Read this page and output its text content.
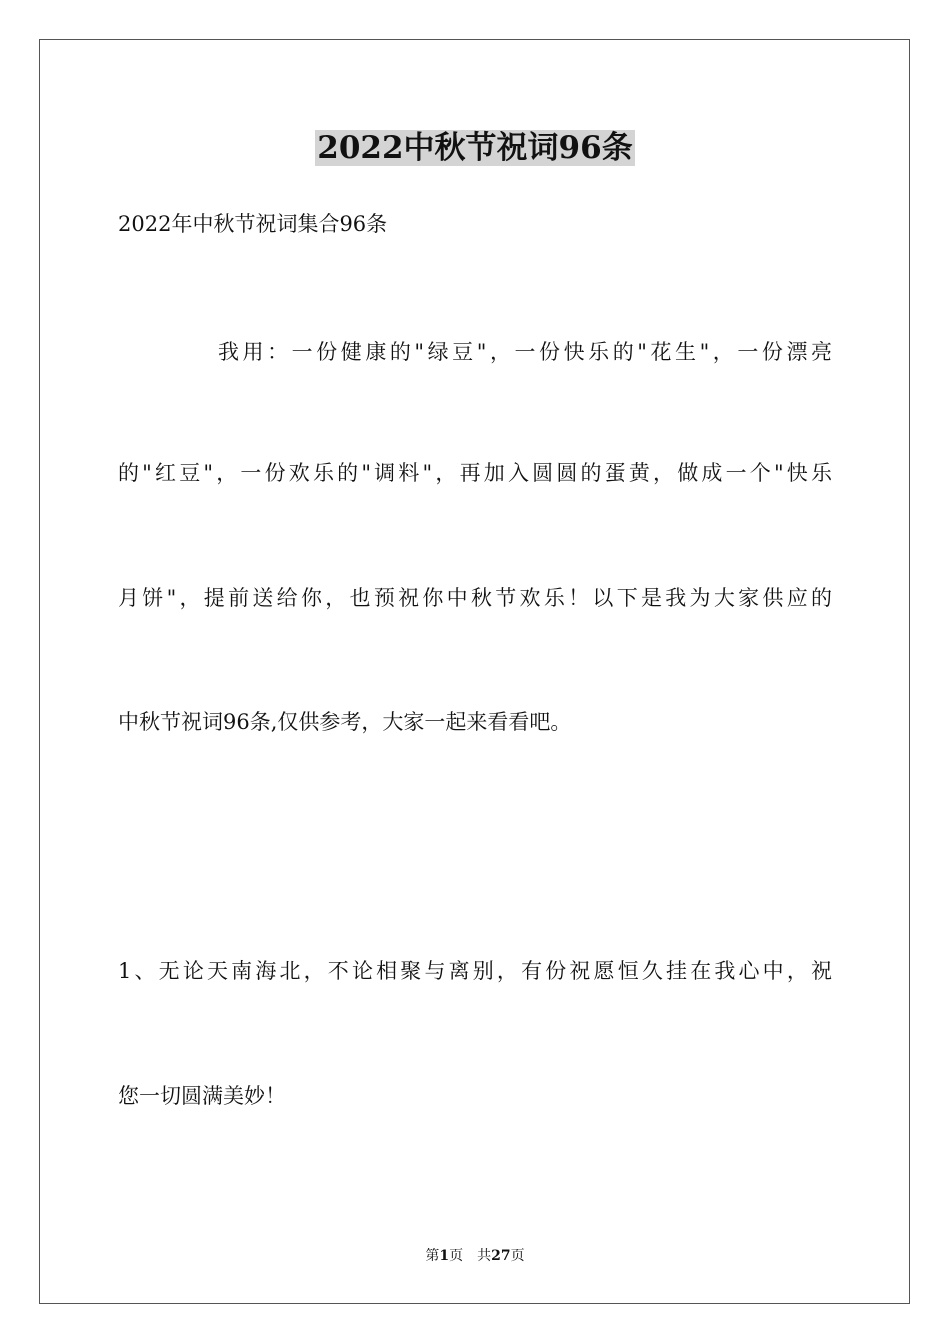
2022中秋节祝词96条

2022年中秋节祝词集合96条

我用：一份健康的"绿豆"，一份快乐的"花生"，一份漂亮

的"红豆"，一份欢乐的"调料"，再加入圆圆的蛋黄，做成一个"快乐

月饼"，提前送给你，也预祝你中秋节欢乐！以下是我为大家供应的

中秋节祝词96条,仅供参考，大家一起来看看吧。

1、无论天南海北，不论相聚与离别，有份祝愿恒久挂在我心中，祝

您一切圆满美妙！

第1页 共27页
